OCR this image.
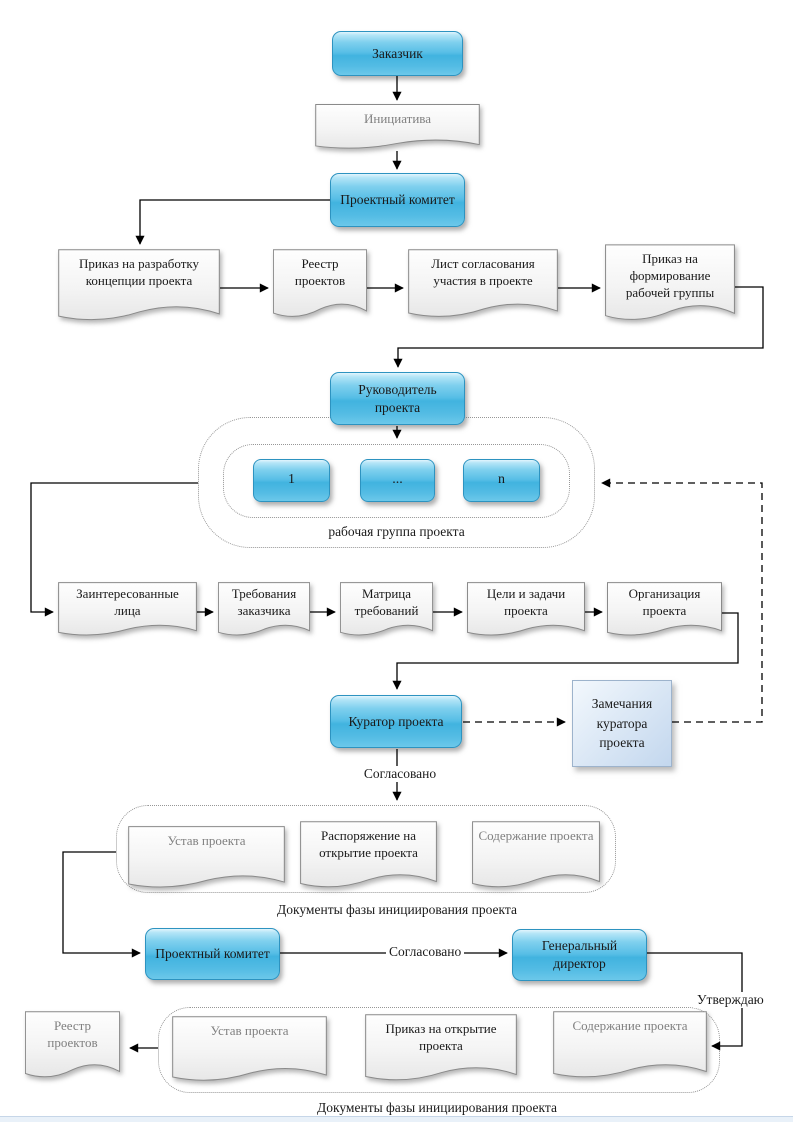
Заказчик
Проектный комитет
Руководитель проекта
1	...	n
Куратор проекта
Проектный комитет
Генеральный директор
Замечания куратора проекта
Инициатива
Приказ на разработку концепции проекта
Реестр проектов
Лист согласования участия в проекте
Приказ на формирование рабочей группы
Заинтересованные лица
Требования заказчика
Матрица требований
Цели и задачи проекта
Организация проекта
Устав проекта	Распоряжение на открытие проекта
Содержание проекта
Реестр проектов
Устав проекта	Приказ на открытие проекта
Содержание проекта
рабочая группа проекта
Согласовано
Согласовано
Утверждаю
Документы фазы инициирования проекта
Документы фазы инициирования проекта
